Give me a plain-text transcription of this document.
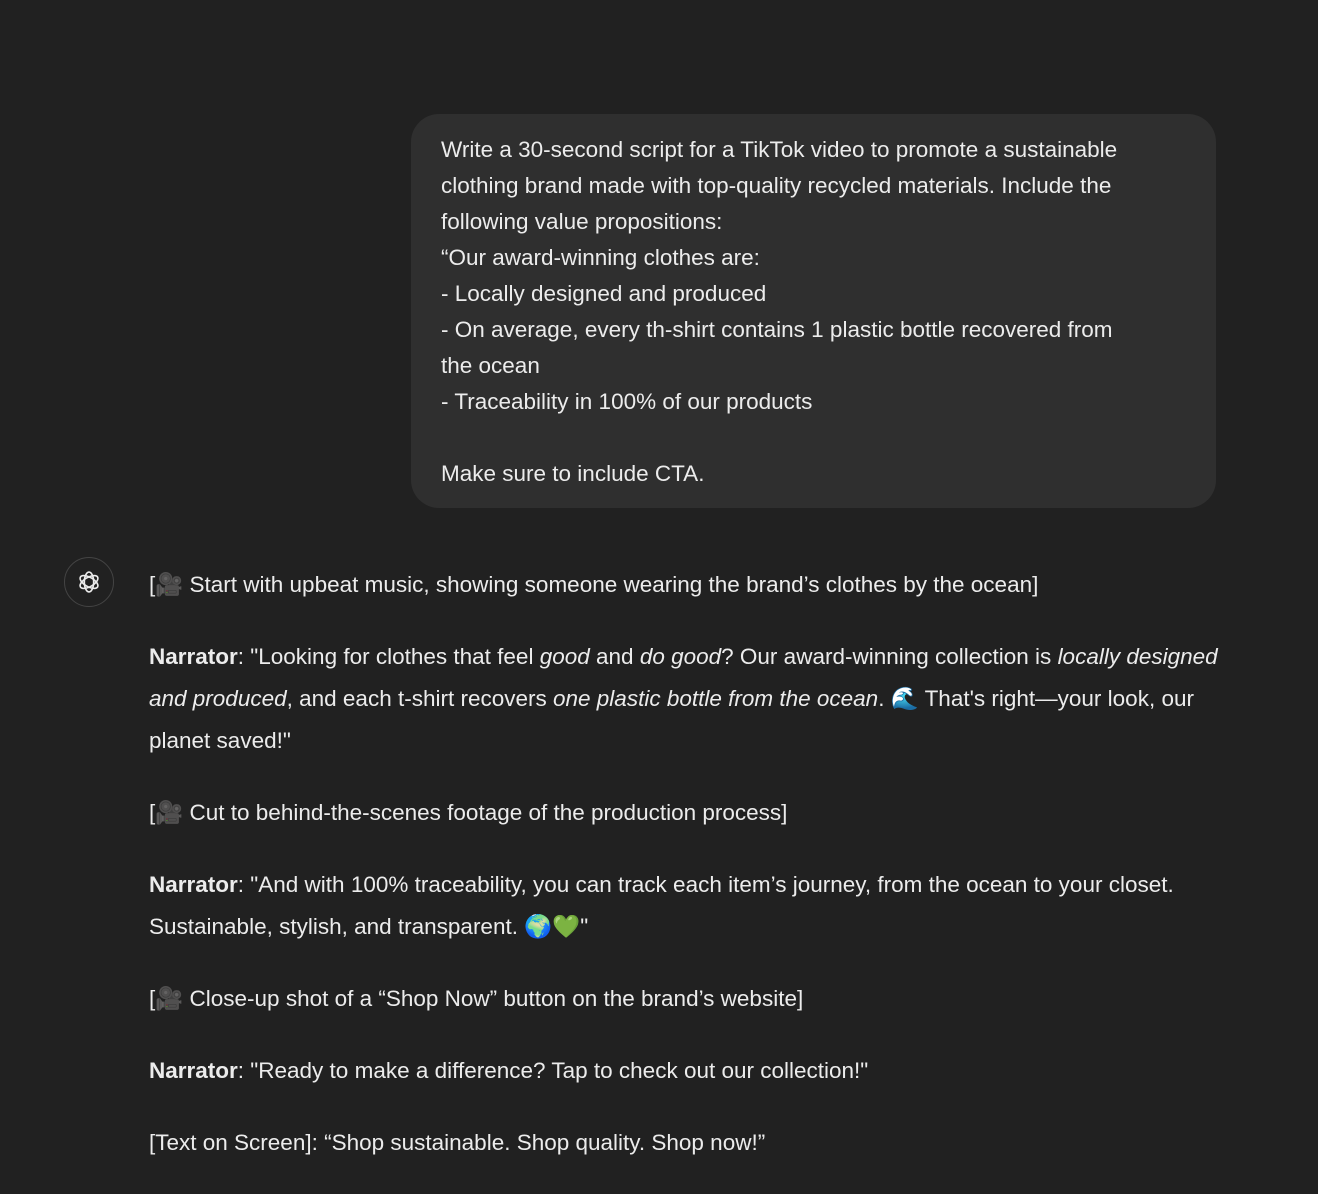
Write a 30-second script for a TikTok video to promote a sustainable
clothing brand made with top-quality recycled materials. Include the
following value propositions:
“Our award-winning clothes are:
- Locally designed and produced
- On average, every th-shirt contains 1 plastic bottle recovered from
the ocean
- Traceability in 100% of our products
Make sure to include CTA.

[🎥 Start with upbeat music, showing someone wearing the brand’s clothes by the ocean]

Narrator: "Looking for clothes that feel good and do good? Our award-winning collection is locally designed and produced, and each t-shirt recovers one plastic bottle from the ocean. 🌊 That's right—your look, our planet saved!"

[🎥 Cut to behind-the-scenes footage of the production process]

Narrator: "And with 100% traceability, you can track each item’s journey, from the ocean to your closet. Sustainable, stylish, and transparent. 🌍💚"

[🎥 Close-up shot of a “Shop Now” button on the brand’s website]

Narrator: "Ready to make a difference? Tap to check out our collection!"

[Text on Screen]: “Shop sustainable. Shop quality. Shop now!”
